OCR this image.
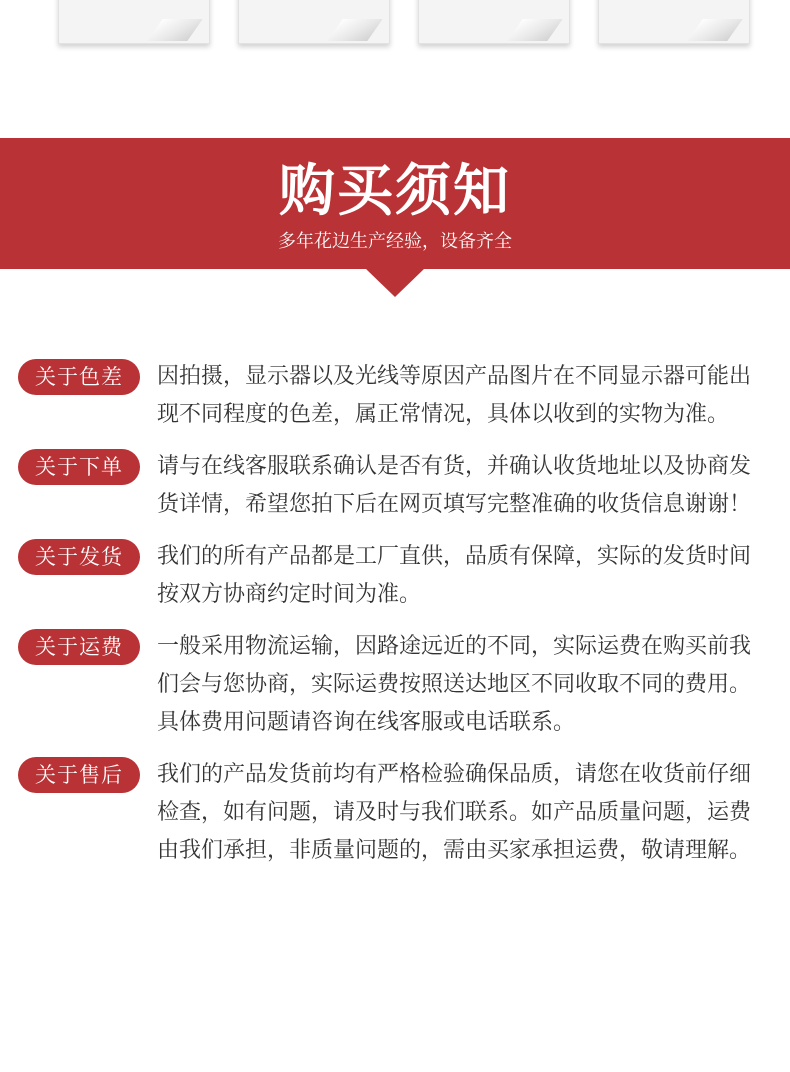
购买须知
多年花边生产经验，设备齐全
关于色差	因拍摄，显示器以及光线等原因产品图片在不同显示器可能出现不同程度的色差，属正常情况，具体以收到的实物为准。
关于下单	请与在线客服联系确认是否有货，并确认收货地址以及协商发货详情，希望您拍下后在网页填写完整准确的收货信息谢谢！
关于发货	我们的所有产品都是工厂直供，品质有保障，实际的发货时间按双方协商约定时间为准。
关于运费	一般采用物流运输，因路途远近的不同，实际运费在购买前我们会与您协商，实际运费按照送达地区不同收取不同的费用。具体费用问题请咨询在线客服或电话联系。
关于售后	我们的产品发货前均有严格检验确保品质，请您在收货前仔细检查，如有问题，请及时与我们联系。如产品质量问题，运费由我们承担，非质量问题的，需由买家承担运费，敬请理解。
